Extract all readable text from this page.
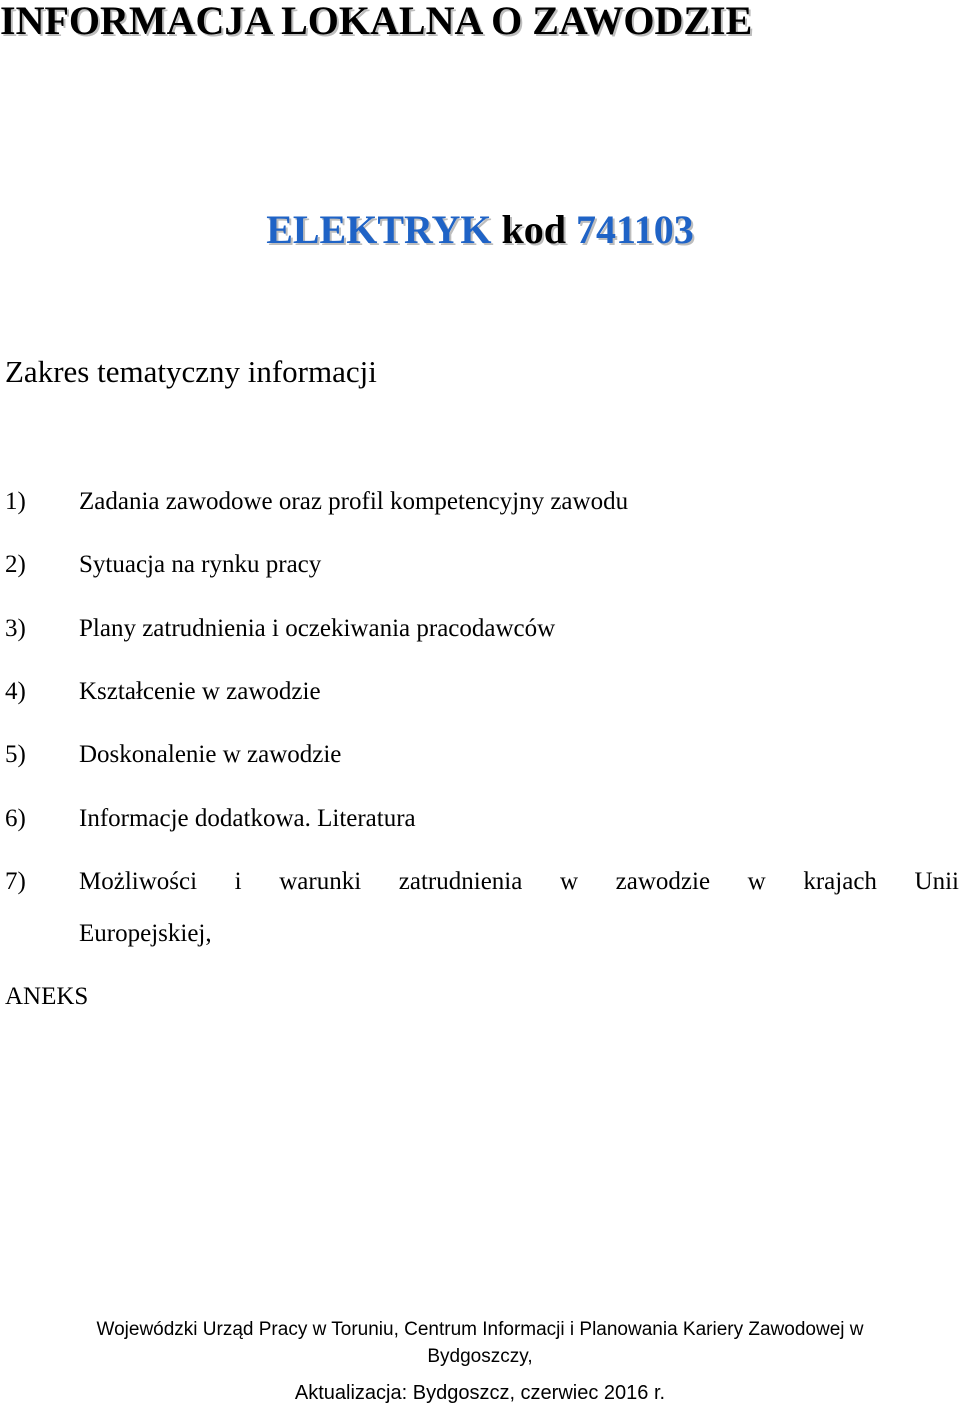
INFORMACJA LOKALNA O ZAWODZIE
ELEKTRYK kod 741103
Zakres tematyczny informacji
1) Zadania zawodowe oraz profil kompetencyjny zawodu
2) Sytuacja na rynku pracy
3) Plany zatrudnienia i oczekiwania pracodawców
4) Kształcenie w zawodzie
5) Doskonalenie w zawodzie
6) Informacje dodatkowa. Literatura
7) Możliwości i warunki zatrudnienia w zawodzie w krajach Unii
Europejskiej,
ANEKS
Wojewódzki Urząd Pracy w Toruniu, Centrum Informacji i Planowania Kariery Zawodowej w
Bydgoszczy,
Aktualizacja: Bydgoszcz, czerwiec 2016 r.
